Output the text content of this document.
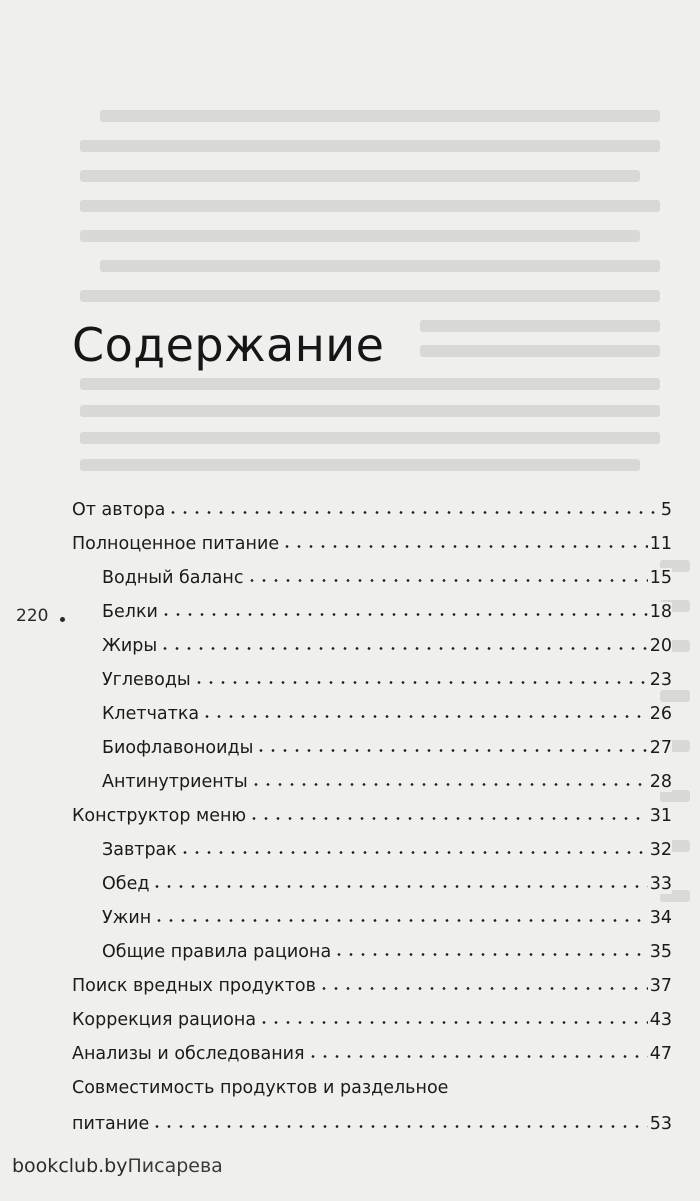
Содержание
220
От автора	5
Полноценное питание	11
Водный баланс	15
Белки	18
Жиры	20
Углеводы	23
Клетчатка	26
Биофлавоноиды	27
Антинутриенты	28
Конструктор меню	31
Завтрак	32
Обед	33
Ужин	34
Общие правила рациона	35
Поиск вредных продуктов	37
Коррекция рациона	43
Анализы и обследования	47
Совместимость продуктов и раздельное
питание	53
bookclub.byПисарева
